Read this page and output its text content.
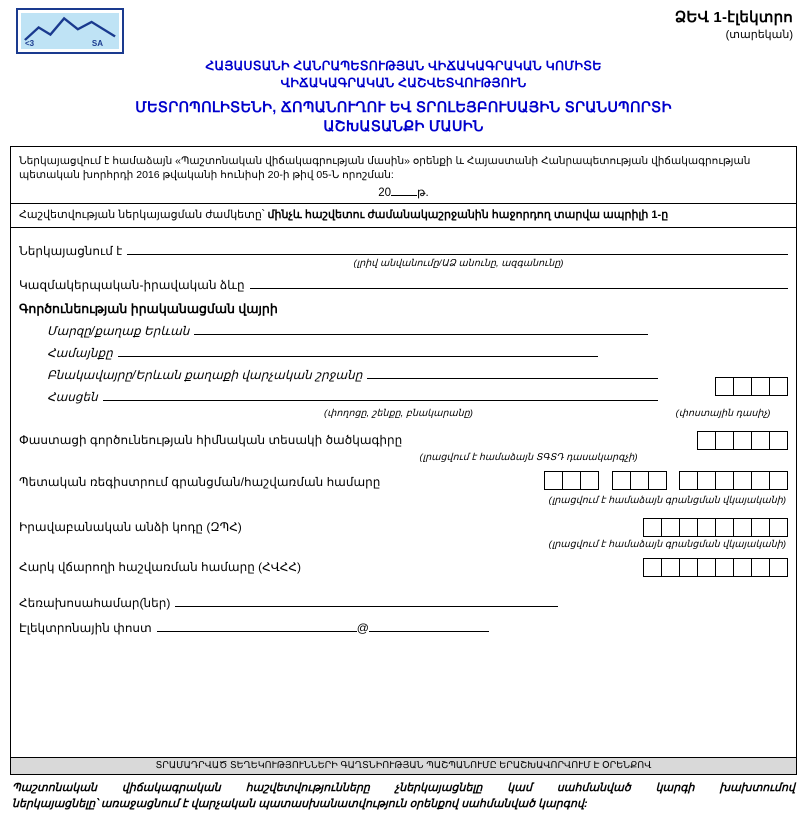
<3	SA
ՁԵՎ 1-էլեկտրո
(տարեկան)
ՀԱՅԱՍՏԱՆԻ ՀԱՆՐԱՊԵՏՈՒԹՅԱՆ ՎԻՃԱԿԱԳՐԱԿԱՆ ԿՈՄԻՏԵ
ՎԻՃԱԿԱԳՐԱԿԱՆ ՀԱՇՎԵՏՎՈՒԹՅՈՒՆ
ՄԵՏՐՈՊՈԼԻՏԵՆԻ, ՃՈՊԱՆՈՒՂՈՒ ԵՎ ՏՐՈԼԵՅԲՈՒՍԱՅԻՆ ՏՐԱՆՍՊՈՐՏԻ
ԱՇԽԱՏԱՆՔԻ ՄԱՍԻՆ
Ներկայացվում է համաձայն «Պաշտոնական վիճակագրության մասին» օրենքի և Հայաստանի Հանրապետության վիճակագրության պետական խորհրդի 2016 թվականի հունիսի 20-ի թիվ 05-Ն որոշման:
20 թ.
Հաշվետվության ներկայացման ժամկետը՝ մինչև հաշվետու ժամանակաշրջանին հաջորդող տարվա ապրիլի 1-ը
Ներկայացնում է
(լրիվ անվանումը/ԱՁ անունը, ազգանունը)
Կազմակերպական-իրավական ձևը
Գործունեության իրականացման վայրի
Մարզը/քաղաք Երևան
Համայնքը
Բնակավայրը/Երևան քաղաքի վարչական շրջանը
Հասցեն
(փողոցը, շենքը, բնակարանը)	(փոստային դասիչ)
Փաստացի գործունեության հիմնական տեսակի ծածկագիրը
(լրացվում է համաձայն ՏԳՏԴ դասակարգչի)
Պետական ռեգիստրում գրանցման/հաշվառման համարը

(լրացվում է համաձայն գրանցման վկայականի)
Իրավաբանական անձի կոդը (ԶՊՀ)
(լրացվում է համաձայն գրանցման վկայականի)
Հարկ վճարողի հաշվառման համարը (ՀՎՀՀ)
Հեռախոսահամար(ներ)
Էլեկտրոնային փոստ	@
ՏՐԱՄԱԴՐՎԱԾ ՏԵՂԵԿՈՒԹՅՈՒՆՆԵՐԻ ԳԱՂՏՆԻՈՒԹՅԱՆ ՊԱՇՊԱՆՈՒՄԸ ԵՐԱՇԽԱՎՈՐՎՈՒՄ Է ՕՐԵՆՔՈՎ
Պաշտոնական վիճակագրական հաշվետվությունները չներկայացնելը կամ սահմանված կարգի խախտումով
ներկայացնելը՝ առաջացնում է վարչական պատասխանատվություն օրենքով սահմանված կարգով:
